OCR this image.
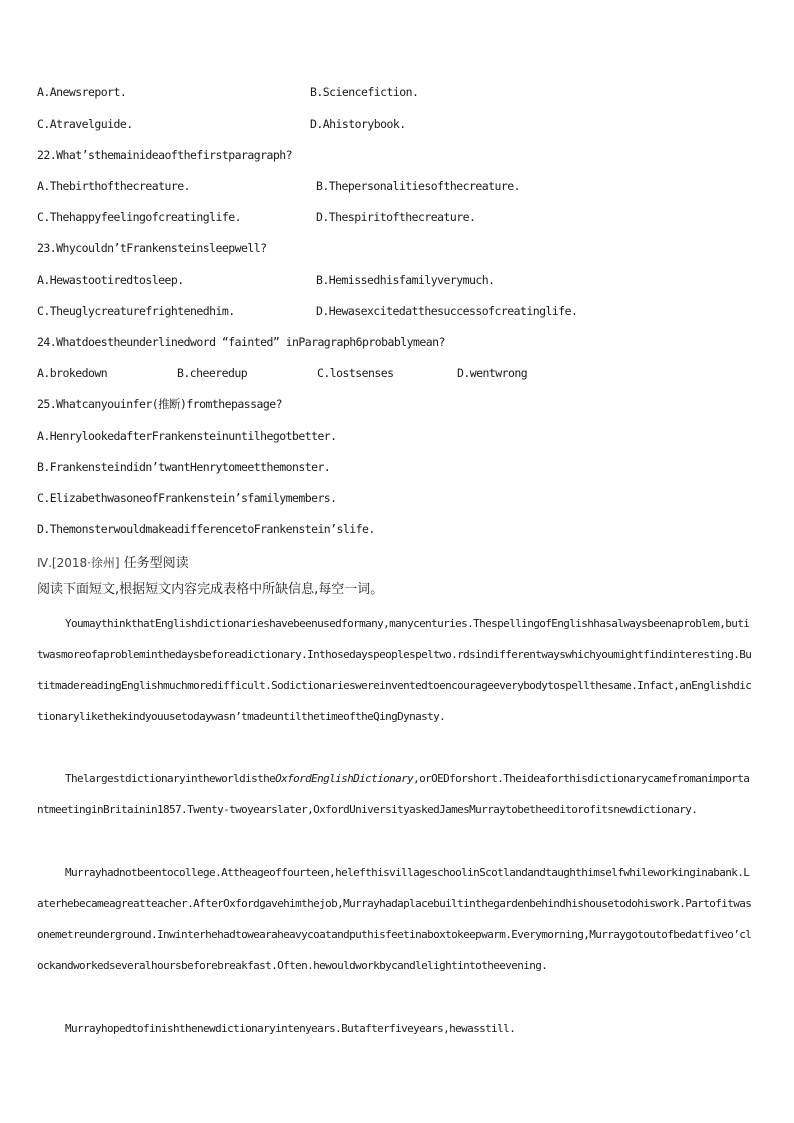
A.Anewsreport.	B.Sciencefiction.
C.Atravelguide.	D.Ahistorybook.
22.What’sthemainideaofthefirstparagraph?
A.Thebirthofthecreature.	B.Thepersonalitiesofthecreature.
C.Thehappyfeelingofcreatinglife.	D.Thespiritofthecreature.
23.Whycouldn’tFrankensteinsleepwell?
A.Hewastootiredtosleep.	B.Hemissedhisfamilyverymuch.
C.Theuglycreaturefrightenedhim.	D.Hewasexcitedatthesuccessofcreatinglife.
24.Whatdoestheunderlinedword “fainted” inParagraph6probablymean?
A.brokedown	B.cheeredup	C.lostsenses	D.wentwrong
25.Whatcanyouinfer(推断)fromthepassage?
A.HenrylookedafterFrankensteinuntilhegotbetter.
B.Frankensteindidn’twantHenrytomeetthemonster.
C.ElizabethwasoneofFrankenstein’sfamilymembers.
D.ThemonsterwouldmakeadifferencetoFrankenstein’slife.
Ⅳ.[2018·徐州] 任务型阅读
阅读下面短文,根据短文内容完成表格中所缺信息,每空一词。

YoumaythinkthatEnglishdictionarieshavebeenusedformany,manycenturies.ThespellingofEnglishhasalwaysbeenaproblem,butitwasmoreofaprobleminthedaysbeforeadictionary.Inthosedayspeoplespeltwo.rdsindifferentwayswhichyoumightfindinteresting.ButitmadereadingEnglishmuchmoredifficult.Sodictionarieswereinventedtoencourageeverybodytospellthesame.Infact,anEnglishdictionarylikethekindyouusetodaywasn’tmadeuntilthetimeoftheQingDynasty.

ThelargestdictionaryintheworldistheOxfordEnglishDictionary,orOEDforshort.TheideaforthisdictionarycamefromanimportantmeetinginBritainin1857.Twenty-twoyearslater,OxfordUniversityaskedJamesMurraytobetheeditorofitsnewdictionary.

Murrayhadnotbeentocollege.Attheageoffourteen,helefthisvillageschoolinScotlandandtaughthimselfwhileworkinginabank.Laterhebecameagreatteacher.AfterOxfordgavehimthejob,Murrayhadaplacebuiltinthegardenbehindhishousetodohiswork.Partofitwasonemetreunderground.Inwinterhehadtowearaheavycoatandputhisfeetinaboxtokeepwarm.Everymorning,Murraygotoutofbedatfiveo’clockandworkedseveralhoursbeforebreakfast.Often.hewouldworkbycandlelightintotheevening.

Murrayhopedtofinishthenewdictionaryintenyears.Butafterfiveyears,hewasstill.
